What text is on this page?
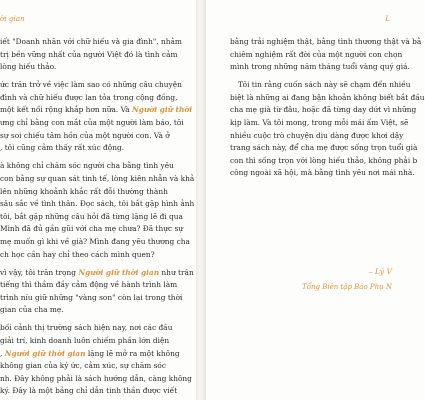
ời gian
iết "Doanh nhân với chữ hiếu và gia đình", nhằm
trị bền vững nhất của người Việt đó là tình cảm
lòng hiếu thảo.
ức trăn trở về việc làm sao có những câu chuyện
đình và chữ hiếu được lan tỏa trong cộng đồng,
một kết nối rộng khắp hơn nữa. Và Người giữ thời
ưng chỉ bằng con mắt của một người làm báo, tôi
sự soi chiếu tâm hồn của một người con. Và ở
, tôi cũng cảm thấy rất xúc động.
à không chỉ chăm sóc người cha bằng tình yêu
con bằng sự quan sát tinh tế, lòng kiên nhẫn và khả
lên những khoảnh khắc rất đỗi thường thành
sâu sắc về tình thân. Đọc sách, tôi bắt gặp hình ảnh
tôi, bắt gặp những câu hỏi đã từng lặng lẽ đi qua
Mình đã đủ gần gũi với cha mẹ chưa? Đã thực sự
mẹ muốn gì khi về già? Mình đang yêu thương cha
ch học cần hay chỉ theo cách mình quen?
vì vậy, tôi trân trọng Người giữ thời gian như trân
tiếng thì thầm đầy cảm động về hành trình làm
trình níu giữ những "vàng son" còn lại trong thời
gian của cha mẹ.
bối cảnh thị trường sách hiện nay, nơi các đầu
giải trí, kinh doanh luôn chiếm phần lớn diện
, Người giữ thời gian lặng lẽ mở ra một không
không gian của ký ức, cảm xúc, sự chăm sóc
nh. Đây không phải là sách hướng dẫn, càng không
ký. Đây là một bảng chỉ dẫn tinh thần được viết
L
bằng trải nghiệm thật, bằng tình thương thật và bằ
chiêm nghiệm rất đời của một người con chọn
mình trong những năm tháng tuổi vàng quý giá.
Tôi tin rằng cuốn sách này sẽ chạm đến nhiều
biệt là những ai đang bận khoản không biết bắt đầu
cha mẹ già từ đâu, hoặc đã từng day dứt vì những
kịp làm. Và tôi mong, trong mỗi mái ấm Việt, sẽ
nhiều cuộc trò chuyện dịu dàng được khơi dậy
trang sách này, để cha mẹ được sống trọn tuổi già
con thì sống trọn với lòng hiếu thảo, không phải b
công ngoài xã hội, mà bằng tình yêu nơi mái nhà.
– Lý V
Tổng Biên tập Báo Phụ N
